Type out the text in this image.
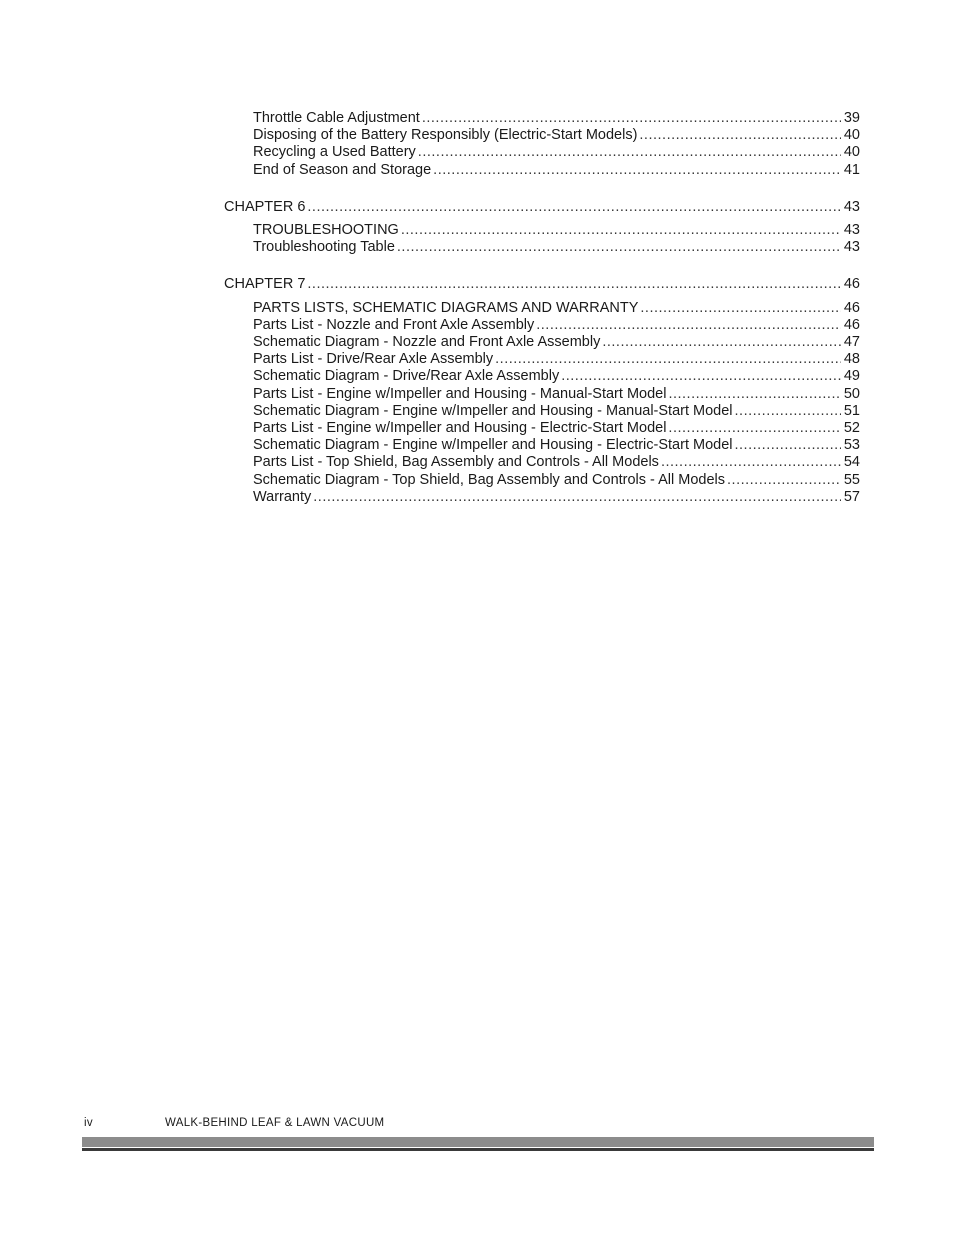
Throttle Cable Adjustment .....	39
Disposing of the Battery Responsibly (Electric-Start Models) .....	40
Recycling a Used Battery .....	40
End of Season and Storage .....	41
CHAPTER 6 .....	43
TROUBLESHOOTING .....	43
Troubleshooting Table .....	43
CHAPTER 7 .....	46
PARTS LISTS, SCHEMATIC DIAGRAMS AND WARRANTY .....	46
Parts List - Nozzle and Front Axle Assembly .....	46
Schematic Diagram - Nozzle and Front Axle Assembly .....	47
Parts List - Drive/Rear Axle Assembly .....	48
Schematic Diagram - Drive/Rear Axle Assembly .....	49
Parts List - Engine w/Impeller and Housing - Manual-Start Model .....	50
Schematic Diagram - Engine w/Impeller and Housing - Manual-Start Model .....	51
Parts List - Engine w/Impeller and Housing - Electric-Start Model .....	52
Schematic Diagram - Engine w/Impeller and Housing - Electric-Start Model .....	53
Parts List - Top Shield, Bag Assembly and Controls - All Models .....	54
Schematic Diagram - Top Shield, Bag Assembly and Controls - All Models .....	55
Warranty .....	57
iv	WALK-BEHIND LEAF & LAWN VACUUM
